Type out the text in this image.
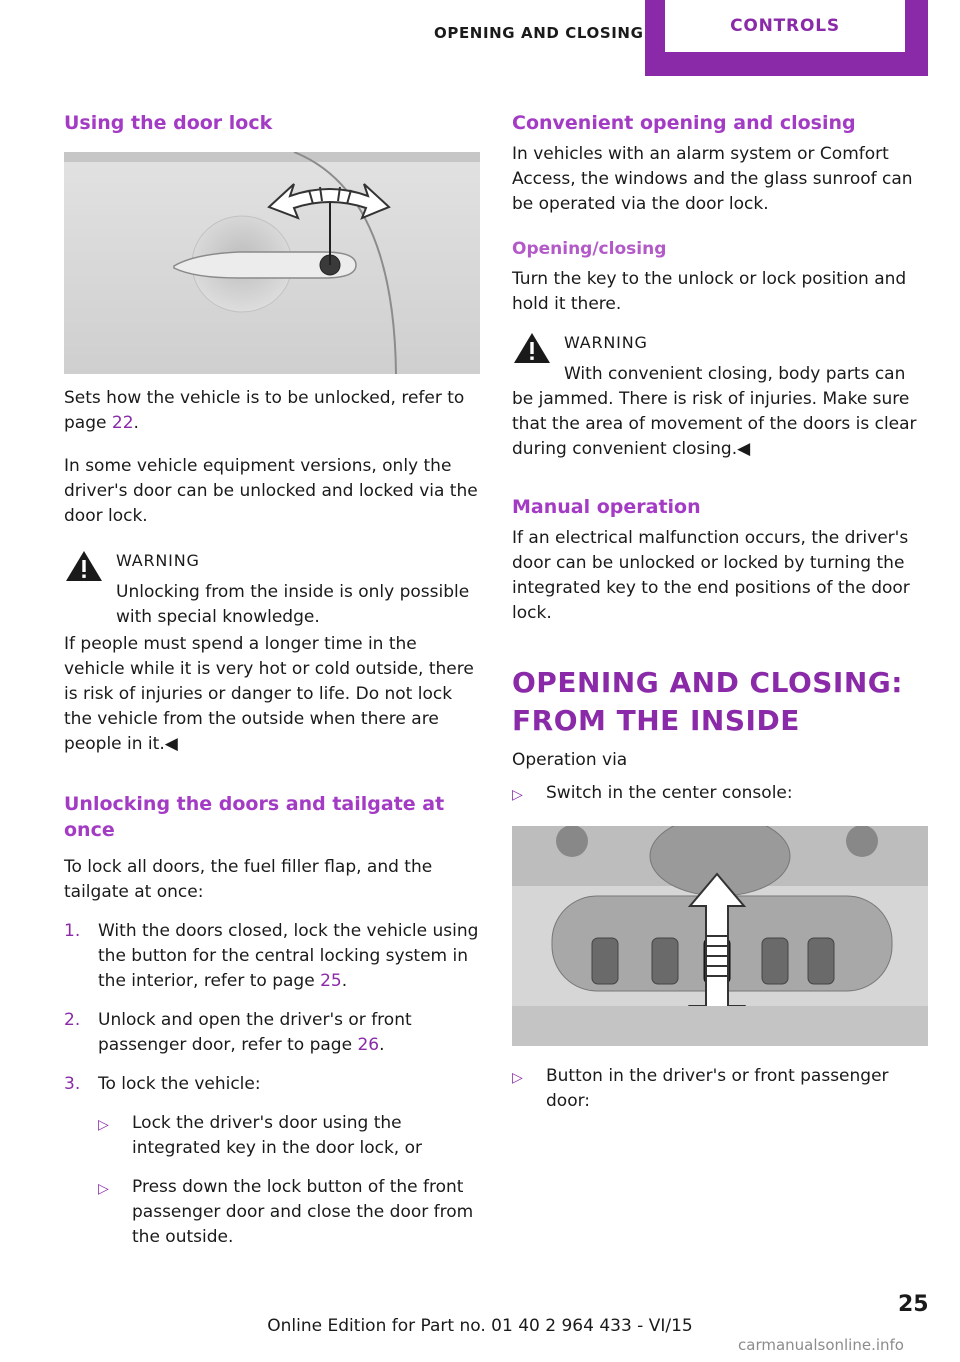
OPENING AND CLOSING	CONTROLS
Using the door lock

Sets how the vehicle is to be unlocked, refer to page 22.

In some vehicle equipment versions, only the driver's door can be unlocked and locked via the door lock.

WARNING

Unlocking from the inside is only possible with special knowledge.

If people must spend a longer time in the vehicle while it is very hot or cold outside, there is risk of injuries or danger to life. Do not lock the vehicle from the outside when there are people in it.◀

Unlocking the doors and tailgate at once

To lock all doors, the fuel filler flap, and the tailgate at once:

1.	With the doors closed, lock the vehicle using the button for the central locking system in the interior, refer to page 25.
2.	Unlock and open the driver's or front passenger door, refer to page 26.
3.	To lock the vehicle:
▷	Lock the driver's door using the integrated key in the door lock, or
▷	Press down the lock button of the front passenger door and close the door from the outside.
Convenient opening and closing

In vehicles with an alarm system or Comfort Access, the windows and the glass sunroof can be operated via the door lock.

Opening/closing

Turn the key to the unlock or lock position and hold it there.

WARNING

With convenient closing, body parts can be jammed. There is risk of injuries. Make sure that the area of movement of the doors is clear during convenient closing.◀

Manual operation

If an electrical malfunction occurs, the driver's door can be unlocked or locked by turning the integrated key to the end positions of the door lock.

OPENING AND CLOSING:
FROM THE INSIDE

Operation via

▷	Switch in the center console:
▷	Button in the driver's or front passenger door:
25
Online Edition for Part no. 01 40 2 964 433 - VI/15
carmanualsonline.info
